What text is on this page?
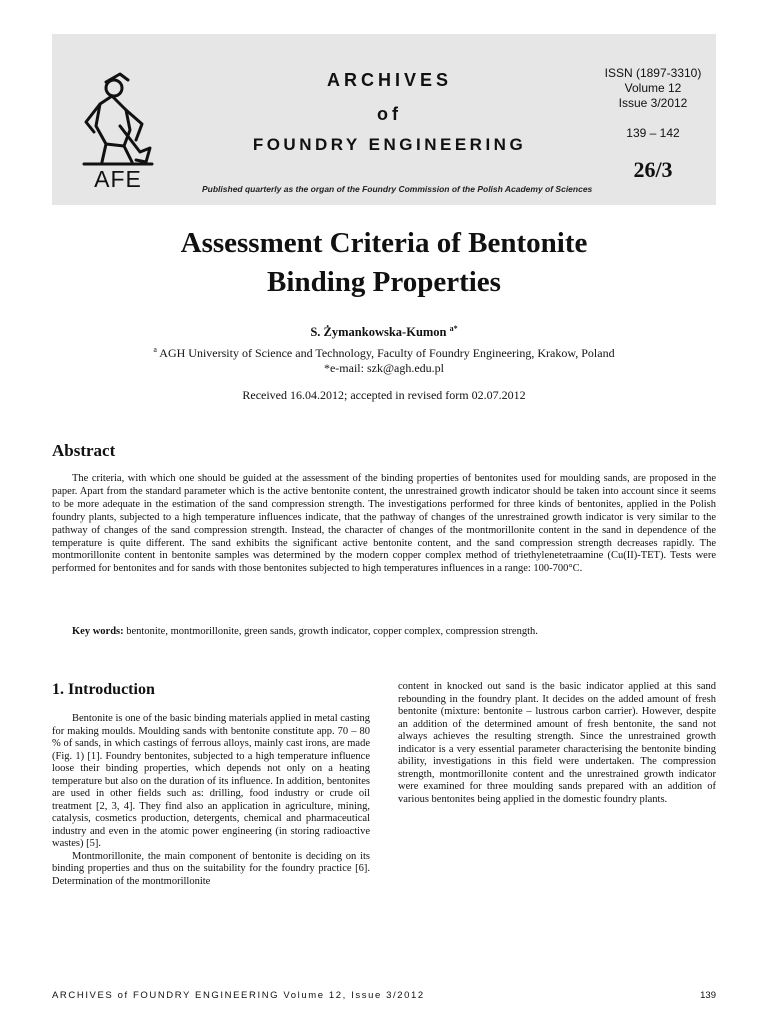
AFE
ARCHIVES
of
FOUNDRY ENGINEERING
ISSN (1897-3310)
Volume 12
Issue 3/2012
139 – 142
26/3
Published quarterly as the organ of the Foundry Commission of the Polish Academy of Sciences
Assessment Criteria of Bentonite
Binding Properties
S. Żymankowska-Kumon $^{a*}$
$^a$ AGH University of Science and Technology, Faculty of Foundry Engineering, Krakow, Poland
*e-mail: szk@agh.edu.pl
Received 16.04.2012; accepted in revised form 02.07.2012
Abstract
The criteria, with which one should be guided at the assessment of the binding properties of bentonites used for moulding sands, are proposed in the paper. Apart from the standard parameter which is the active bentonite content, the unrestrained growth indicator should be taken into account since it seems to be more adequate in the estimation of the sand compression strength. The investigations performed for three kinds of bentonites, applied in the Polish foundry plants, subjected to a high temperature influences indicate, that the pathway of changes of the unrestrained growth indicator is very similar to the pathway of changes of the sand compression strength. Instead, the character of changes of the montmorillonite content in the sand in dependence of the temperature is quite different. The sand exhibits the significant active bentonite content, and the sand compression strength decreases rapidly. The montmorillonite content in bentonite samples was determined by the modern copper complex method of triethylenetetraamine (Cu(II)-TET). Tests were performed for bentonites and for sands with those bentonites subjected to high temperatures influences in a range: 100-700°C.
Key words: bentonite, montmorillonite, green sands, growth indicator, copper complex, compression strength.
1. Introduction

Bentonite is one of the basic binding materials applied in metal casting for making moulds. Moulding sands with bentonite constitute app. 70 – 80 % of sands, in which castings of ferrous alloys, mainly cast irons, are made (Fig. 1) [1]. Foundry bentonites, subjected to a high temperature influence loose their binding properties, which depends not only on a heating temperature but also on the duration of its influence. In addition, bentonites are used in other fields such as: drilling, food industry or crude oil treatment [2, 3, 4]. They find also an application in agriculture, mining, catalysis, cosmetics production, detergents, chemical and pharmaceutical industry and even in the atomic power engineering (in storing radioactive wastes) [5].

Montmorillonite, the main component of bentonite is deciding on its binding properties and thus on the suitability for the foundry practice [6]. Determination of the montmorillonite

content in knocked out sand is the basic indicator applied at this sand rebounding in the foundry plant. It decides on the added amount of fresh bentonite (mixture: bentonite – lustrous carbon carrier). However, despite an addition of the determined amount of fresh bentonite, the sand not always achieves the resulting strength. Since the unrestrained growth indicator is a very essential parameter characterising the bentonite binding ability, investigations in this field were undertaken. The compression strength, montmorillonite content and the unrestrained growth indicator were examined for three moulding sands prepared with an addition of various bentonites being applied in the domestic foundry plants.

ARCHIVES of FOUNDRY ENGINEERING Volume 12, Issue 3/2012	139
